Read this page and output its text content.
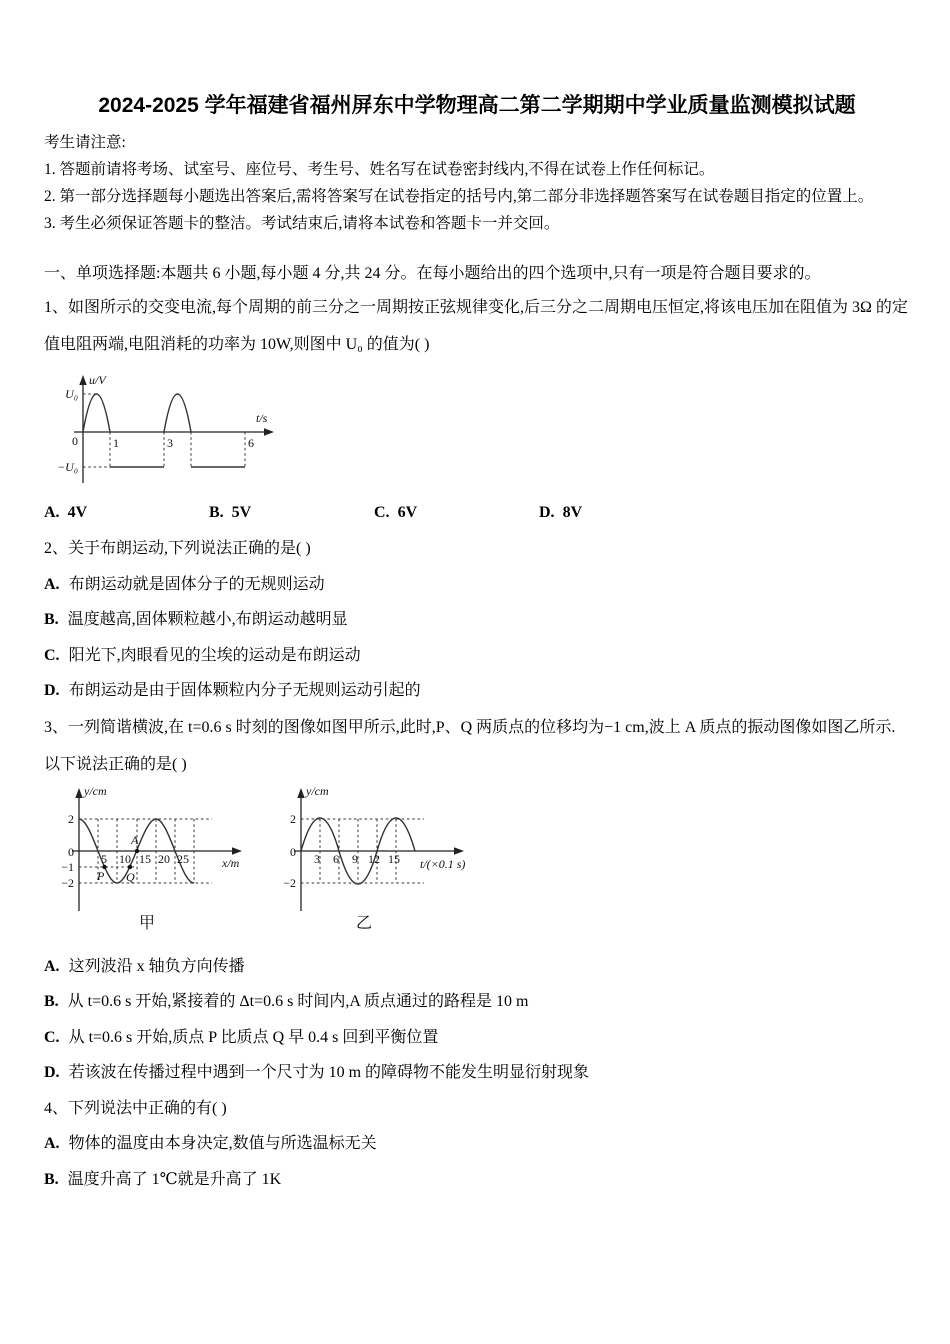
2024-2025 学年福建省福州屏东中学物理高二第二学期期中学业质量监测模拟试题

考生请注意:

1. 答题前请将考场、试室号、座位号、考生号、姓名写在试卷密封线内,不得在试卷上作任何标记。

2. 第一部分选择题每小题选出答案后,需将答案写在试卷指定的括号内,第二部分非选择题答案写在试卷题目指定的位置上。

3. 考生必须保证答题卡的整洁。考试结束后,请将本试卷和答题卡一并交回。

一、单项选择题:本题共 6 小题,每小题 4 分,共 24 分。在每小题给出的四个选项中,只有一项是符合题目要求的。

1、如图所示的交变电流,每个周期的前三分之一周期按正弦规律变化,后三分之二周期电压恒定,将该电压加在阻值为 3Ω 的定值电阻两端,电阻消耗的功率为 10W,则图中 U₀ 的值为( )

u/V
t/s
U₀
0
−U₀
1	3	6
A. 4V	B. 5V	C. 6V	D. 8V

2、关于布朗运动,下列说法正确的是( )

A. 布朗运动就是固体分子的无规则运动

B. 温度越高,固体颗粒越小,布朗运动越明显

C. 阳光下,肉眼看见的尘埃的运动是布朗运动

D. 布朗运动是由于固体颗粒内分子无规则运动引起的

3、一列简谐横波,在 t=0.6 s 时刻的图像如图甲所示,此时,P、Q 两质点的位移均为−1 cm,波上 A 质点的振动图像如图乙所示.以下说法正确的是( )

y/cm
2
0
−1
−2
5 10 15 20 25	x/m
A
P Q
甲
y/cm
2
0
−2
3 6 9 12 15 t/(×0.1 s)
乙

A. 这列波沿 x 轴负方向传播

B. 从 t=0.6 s 开始,紧接着的 Δt=0.6 s 时间内,A 质点通过的路程是 10 m

C. 从 t=0.6 s 开始,质点 P 比质点 Q 早 0.4 s 回到平衡位置

D. 若该波在传播过程中遇到一个尺寸为 10 m 的障碍物不能发生明显衍射现象

4、下列说法中正确的有( )

A. 物体的温度由本身决定,数值与所选温标无关

B. 温度升高了 1℃就是升高了 1K
